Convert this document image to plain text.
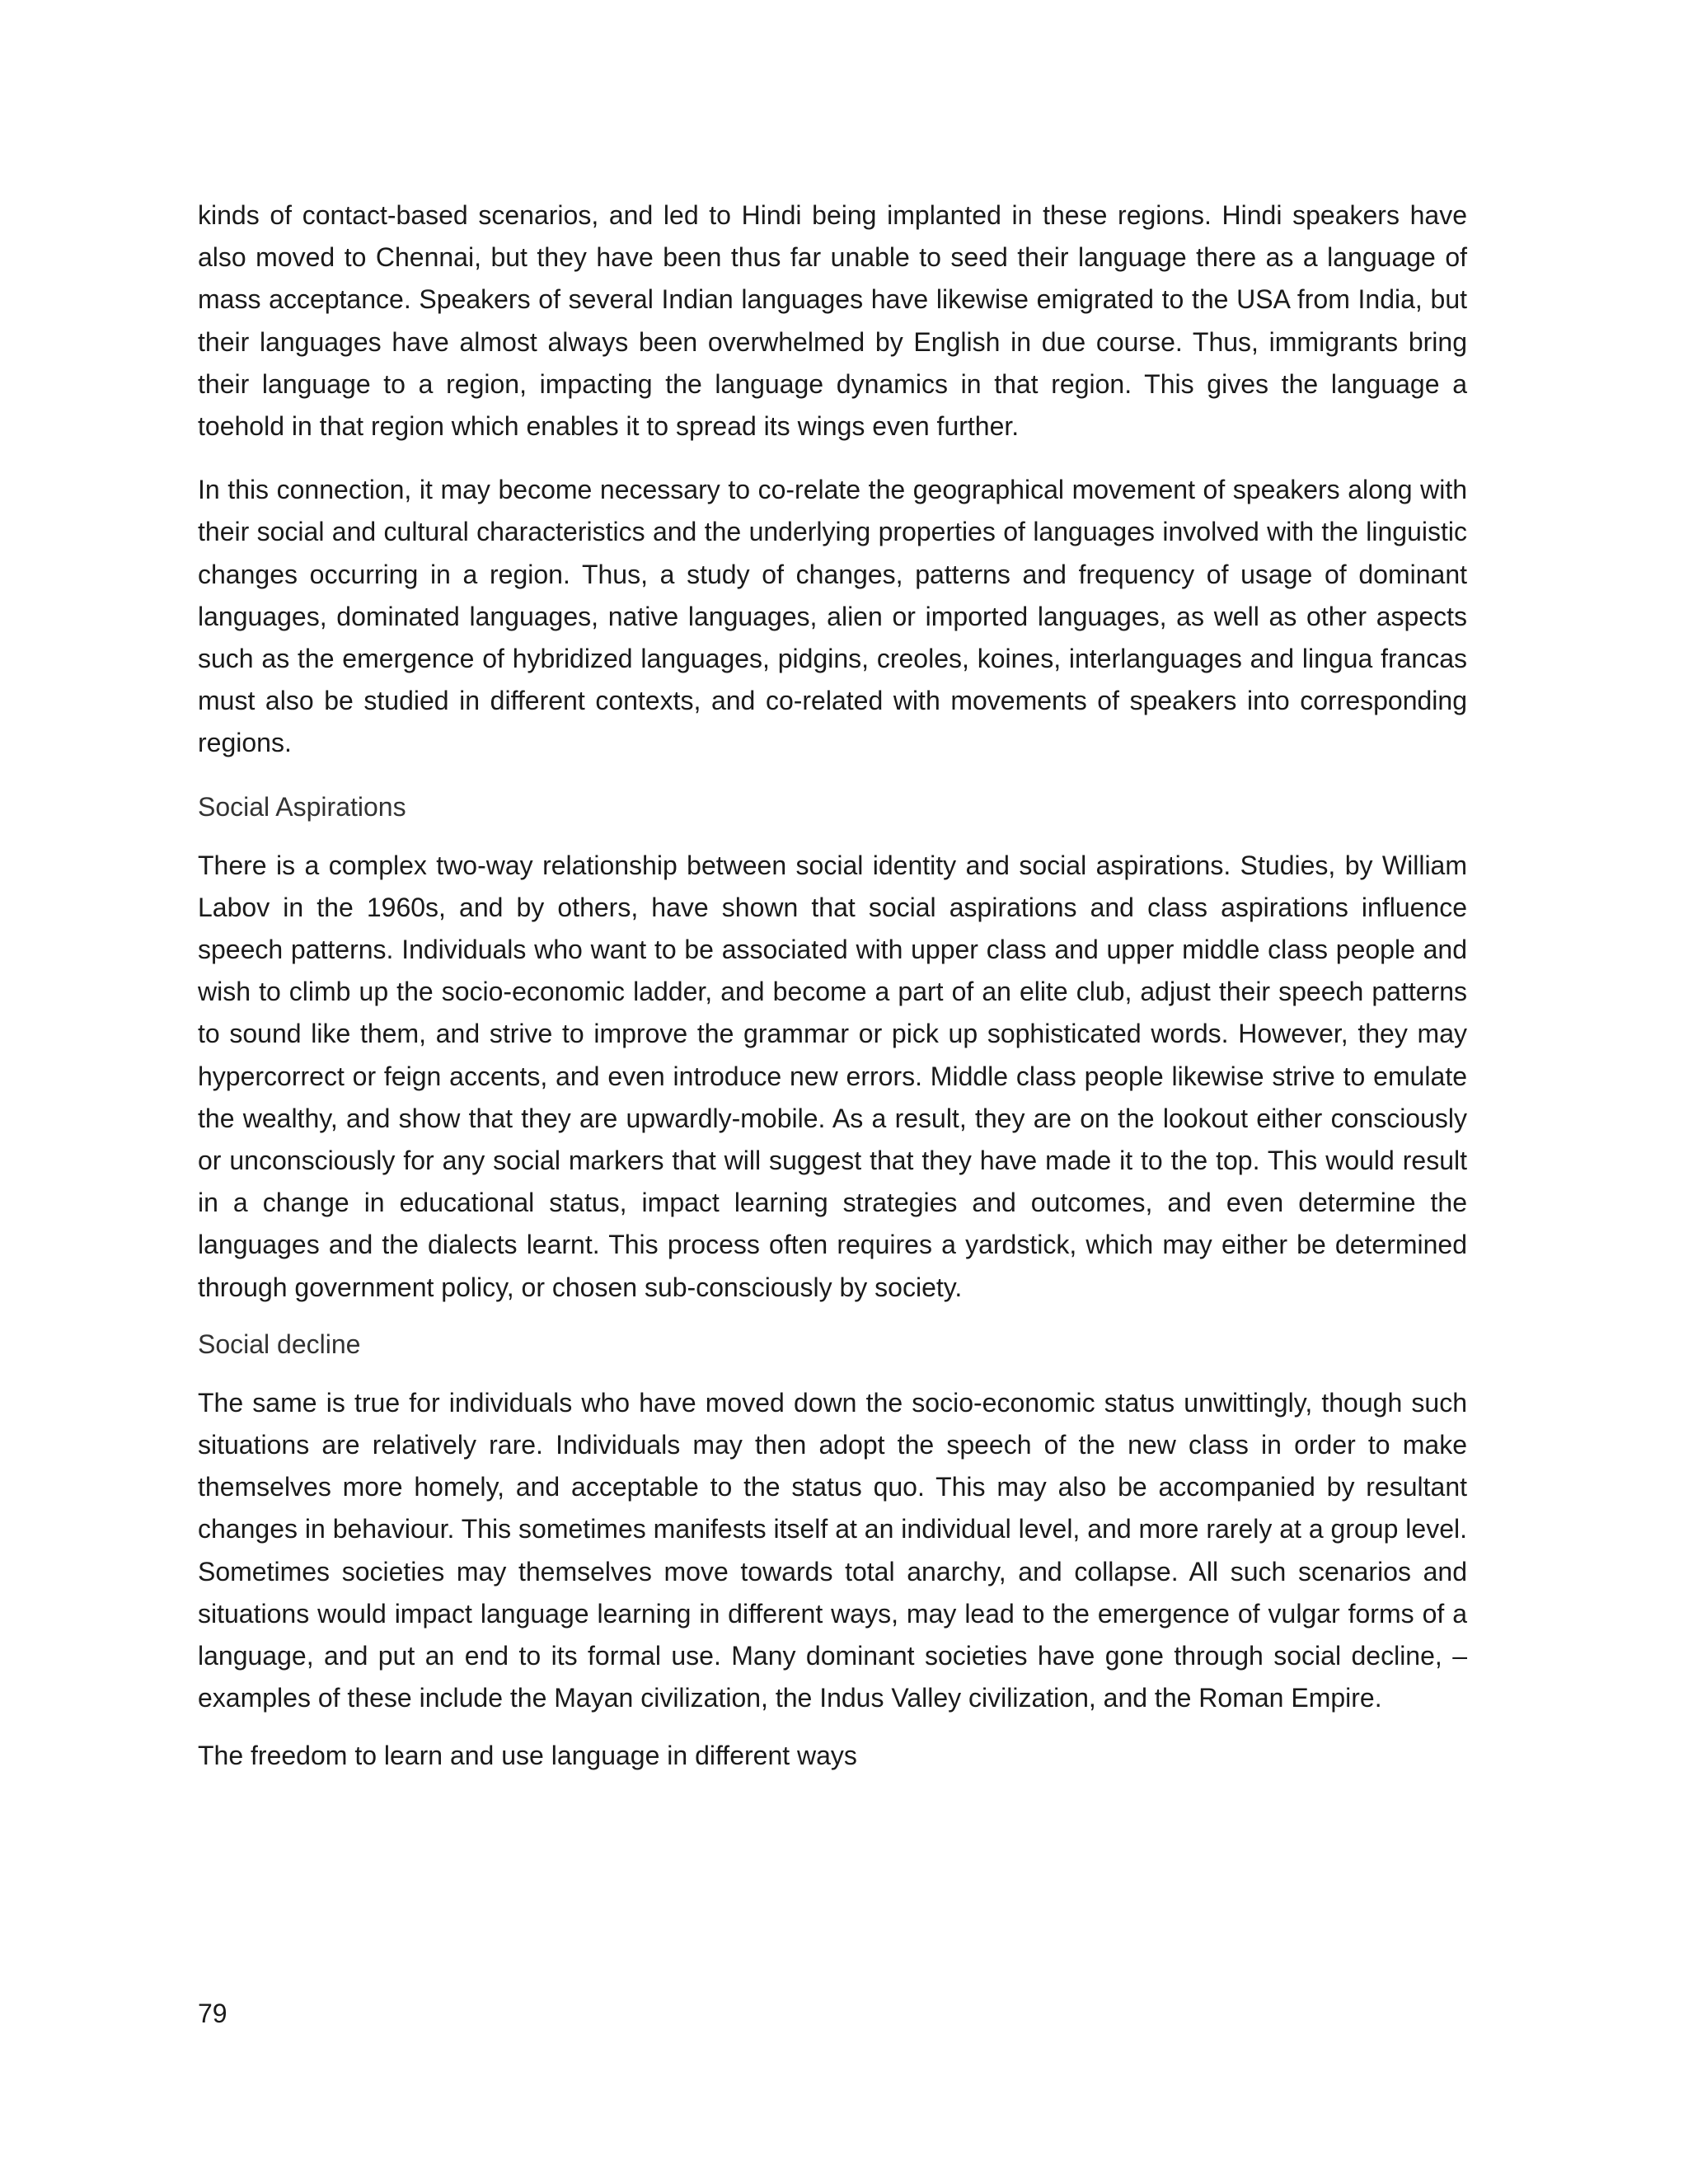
kinds of contact-based scenarios, and led to Hindi being implanted in these regions. Hindi speakers have also moved to Chennai, but they have been thus far unable to seed their language there as a language of mass acceptance. Speakers of several Indian languages have likewise emigrated to the USA from India, but their languages have almost always been overwhelmed by English in due course. Thus, immigrants bring their language to a region, impacting the language dynamics in that region. This gives the language a toehold in that region which enables it to spread its wings even further.

In this connection, it may become necessary to co-relate the geographical movement of speakers along with their social and cultural characteristics and the underlying properties of languages involved with the linguistic changes occurring in a region. Thus, a study of changes, patterns and frequency of usage of dominant languages, dominated languages, native languages, alien or imported languages, as well as other aspects such as the emergence of hybridized languages, pidgins, creoles, koines, interlanguages and lingua francas must also be studied in different contexts, and co-related with movements of speakers into corresponding regions.

Social Aspirations

There is a complex two-way relationship between social identity and social aspirations. Studies, by William Labov in the 1960s, and by others, have shown that social aspirations and class aspirations influence speech patterns. Individuals who want to be associated with upper class and upper middle class people and wish to climb up the socio-economic ladder, and become a part of an elite club, adjust their speech patterns to sound like them, and strive to improve the grammar or pick up sophisticated words. However, they may hypercorrect or feign accents, and even introduce new errors. Middle class people likewise strive to emulate the wealthy, and show that they are upwardly-mobile. As a result, they are on the lookout either consciously or unconsciously for any social markers that will suggest that they have made it to the top. This would result in a change in educational status, impact learning strategies and outcomes, and even determine the languages and the dialects learnt. This process often requires a yardstick, which may either be determined through government policy, or chosen sub-consciously by society.

Social decline

The same is true for individuals who have moved down the socio-economic status unwittingly, though such situations are relatively rare. Individuals may then adopt the speech of the new class in order to make themselves more homely, and acceptable to the status quo. This may also be accompanied by resultant changes in behaviour. This sometimes manifests itself at an individual level, and more rarely at a group level. Sometimes societies may themselves move towards total anarchy, and collapse. All such scenarios and situations would impact language learning in different ways, may lead to the emergence of vulgar forms of a language, and put an end to its formal use. Many dominant societies have gone through social decline, –examples of these include the Mayan civilization, the Indus Valley civilization, and the Roman Empire.

The freedom to learn and use language in different ways

79
